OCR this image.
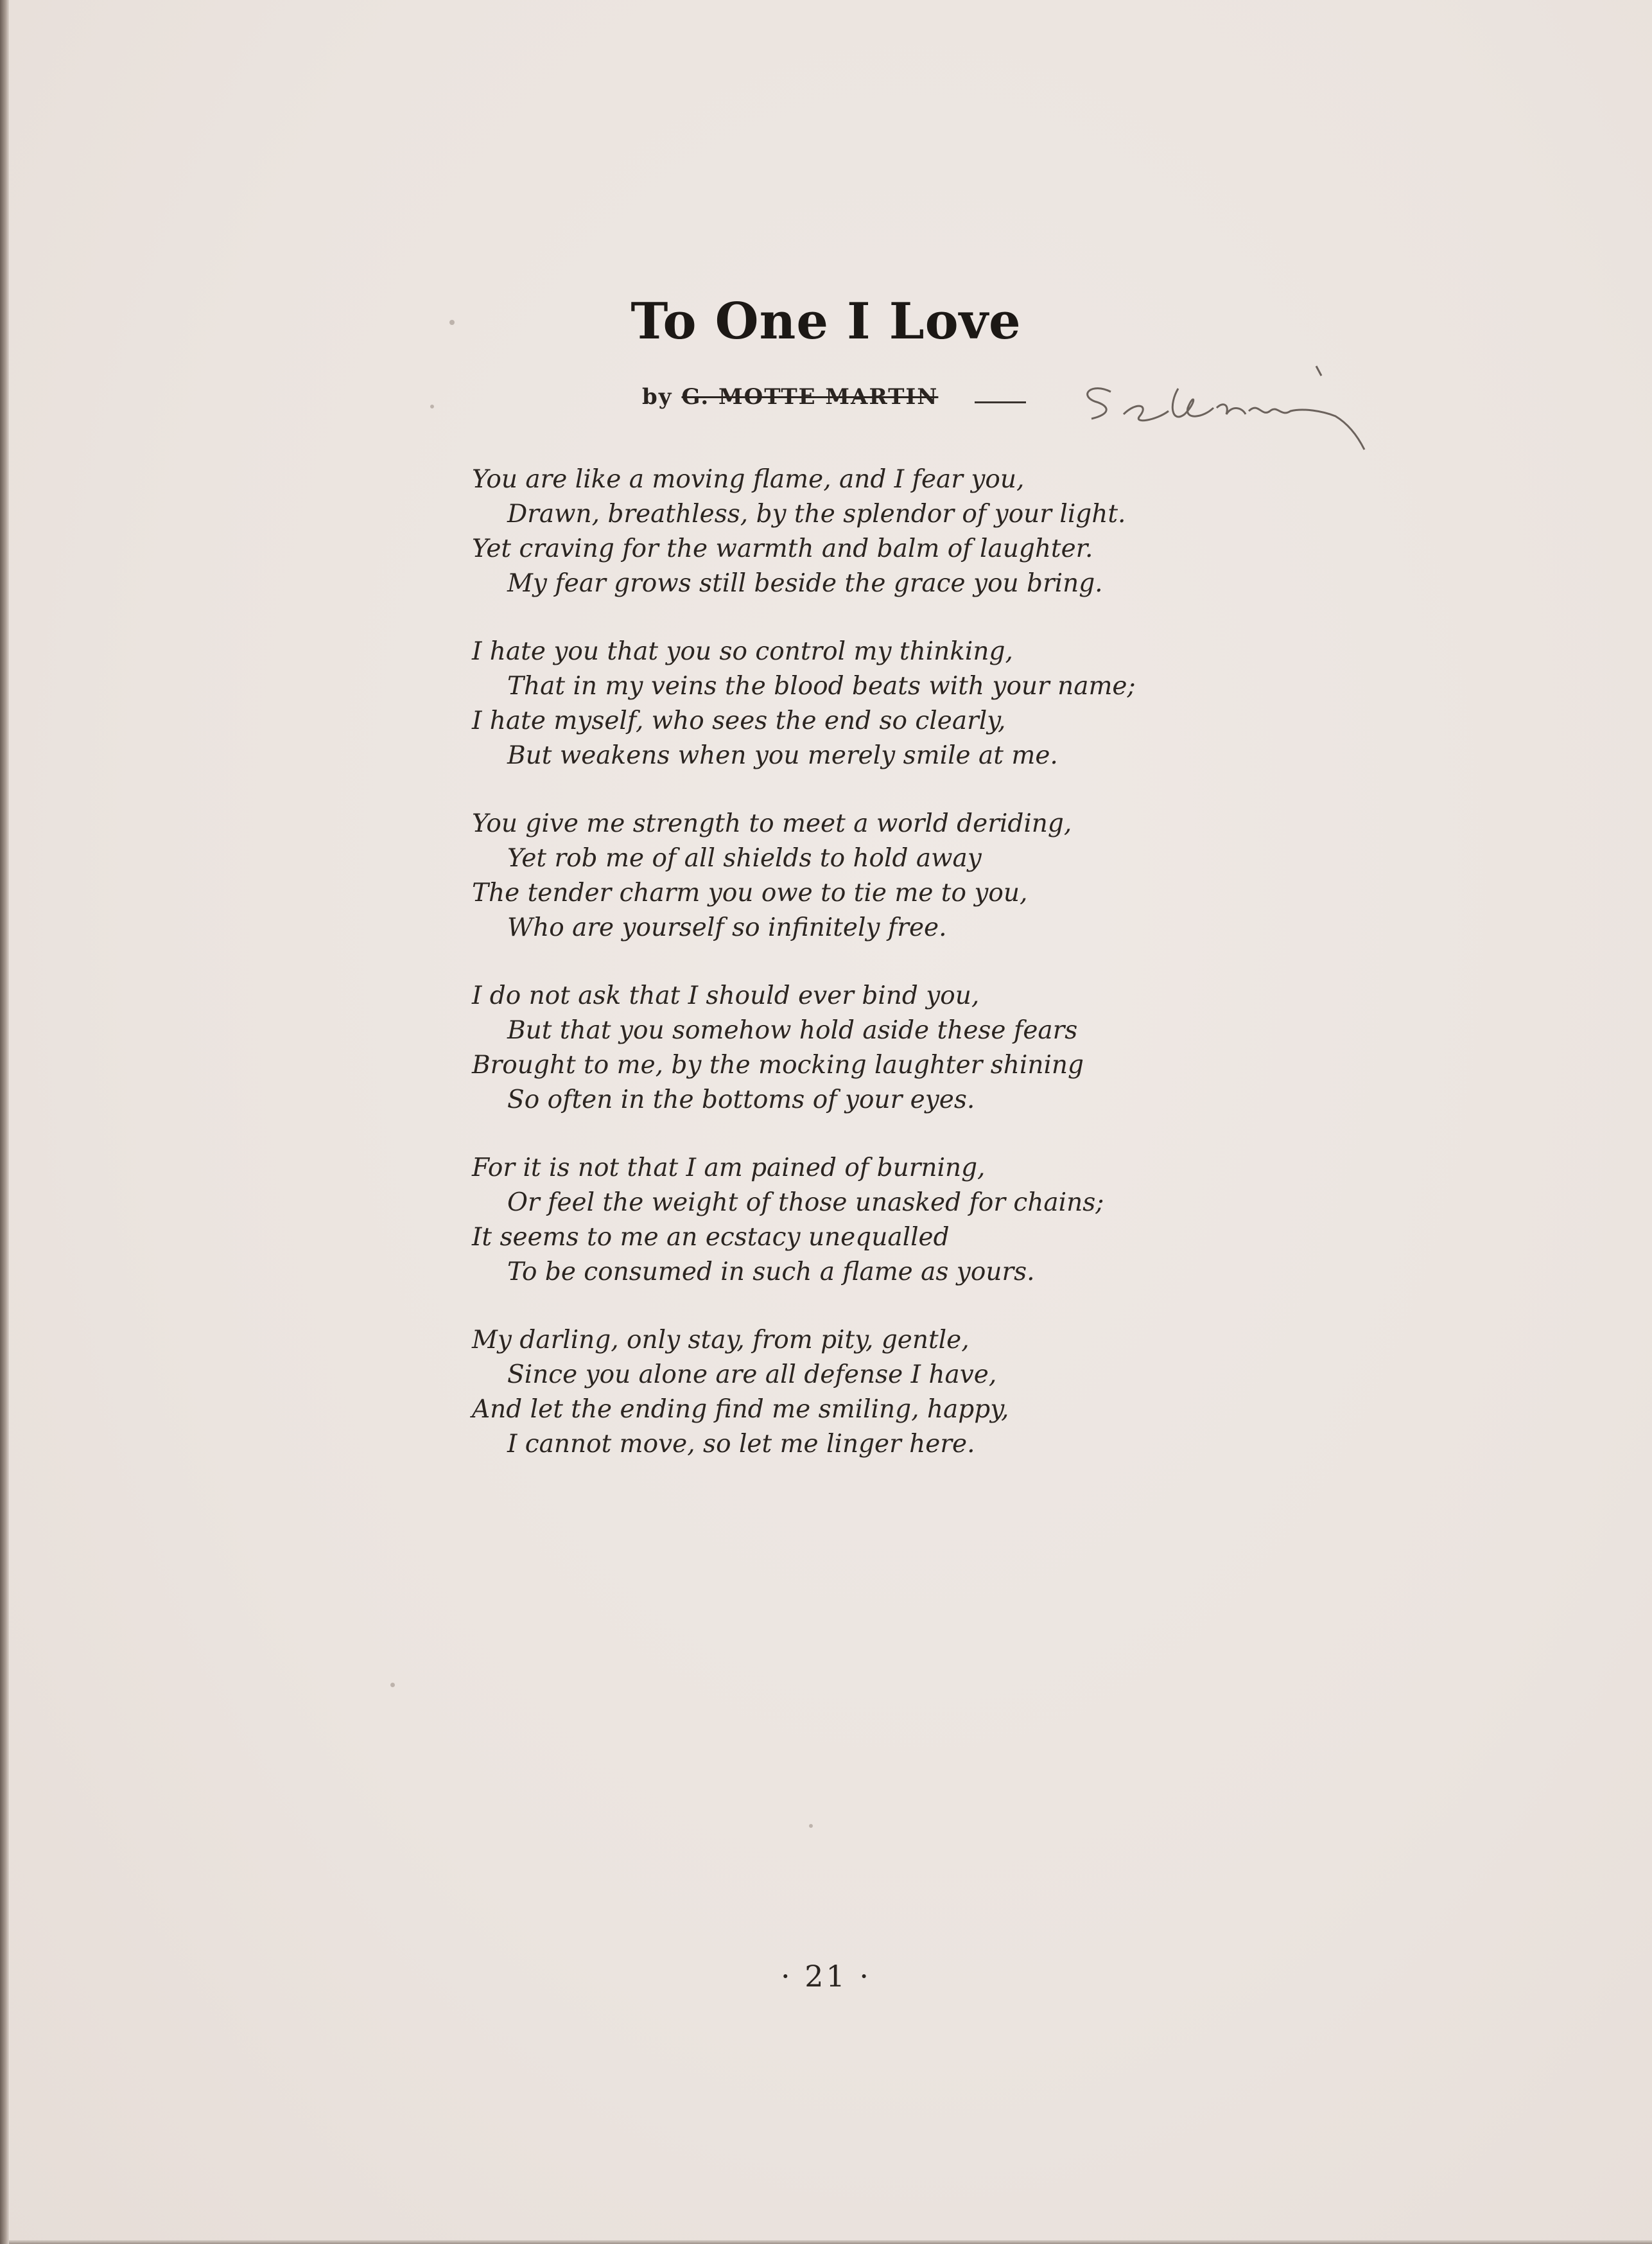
To One I Love
by G. MOTTE MARTIN
You are like a moving flame, and I fear you,
Drawn, breathless, by the splendor of your light.
Yet craving for the warmth and balm of laughter.
My fear grows still beside the grace you bring.
I hate you that you so control my thinking,
That in my veins the blood beats with your name;
I hate myself, who sees the end so clearly,
But weakens when you merely smile at me.
You give me strength to meet a world deriding,
Yet rob me of all shields to hold away
The tender charm you owe to tie me to you,
Who are yourself so infinitely free.
I do not ask that I should ever bind you,
But that you somehow hold aside these fears
Brought to me, by the mocking laughter shining
So often in the bottoms of your eyes.
For it is not that I am pained of burning,
Or feel the weight of those unasked for chains;
It seems to me an ecstacy unequalled
To be consumed in such a flame as yours.
My darling, only stay, from pity, gentle,
Since you alone are all defense I have,
And let the ending find me smiling, happy,
I cannot move, so let me linger here.
· 21 ·
